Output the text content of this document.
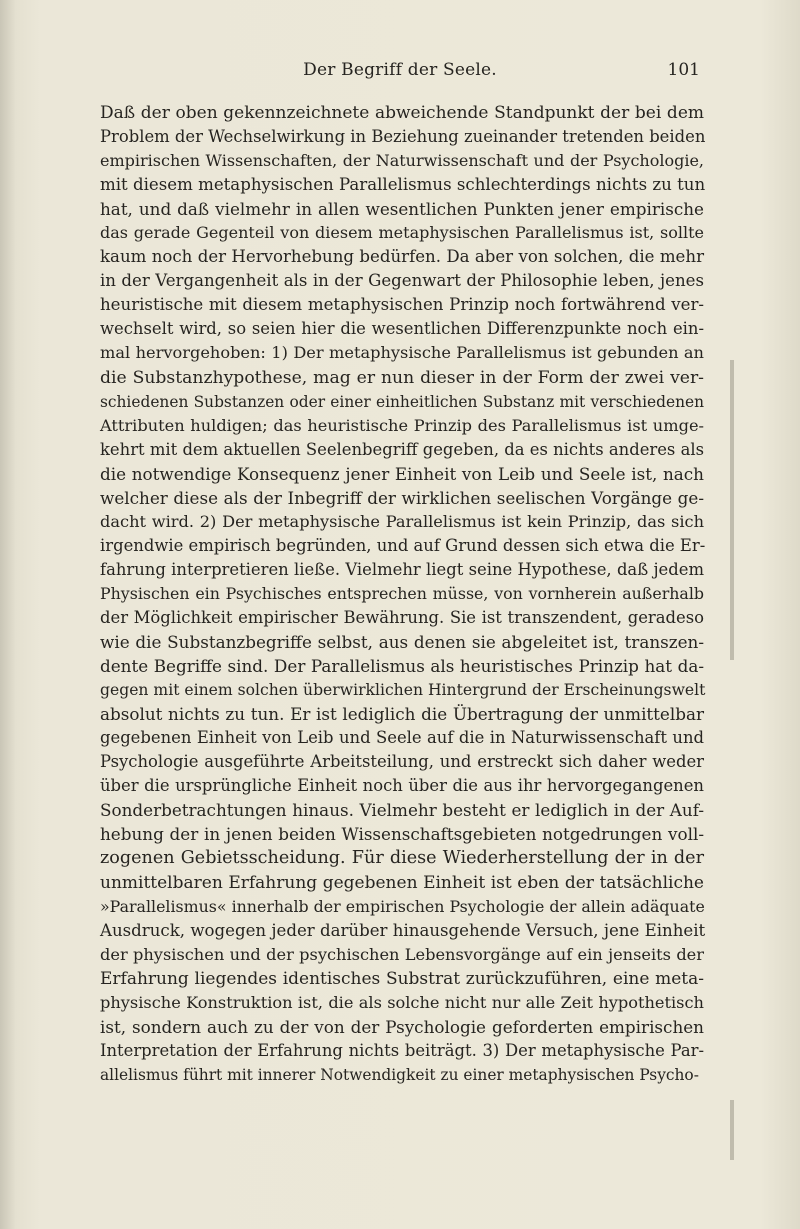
Der Begriff der Seele.	101
Daß der oben gekennzeichnete abweichende Standpunkt der bei dem
Problem der Wechselwirkung in Beziehung zueinander tretenden beiden
empirischen Wissenschaften, der Naturwissenschaft und der Psychologie,
mit diesem metaphysischen Parallelismus schlechterdings nichts zu tun
hat, und daß vielmehr in allen wesentlichen Punkten jener empirische
das gerade Gegenteil von diesem metaphysischen Parallelismus ist, sollte
kaum noch der Hervorhebung bedürfen. Da aber von solchen, die mehr
in der Vergangenheit als in der Gegenwart der Philosophie leben, jenes
heuristische mit diesem metaphysischen Prinzip noch fortwährend ver-
wechselt wird, so seien hier die wesentlichen Differenzpunkte noch ein-
mal hervorgehoben: 1) Der metaphysische Parallelismus ist gebunden an
die Substanzhypothese, mag er nun dieser in der Form der zwei ver-
schiedenen Substanzen oder einer einheitlichen Substanz mit verschiedenen
Attributen huldigen; das heuristische Prinzip des Parallelismus ist umge-
kehrt mit dem aktuellen Seelenbegriff gegeben, da es nichts anderes als
die notwendige Konsequenz jener Einheit von Leib und Seele ist, nach
welcher diese als der Inbegriff der wirklichen seelischen Vorgänge ge-
dacht wird. 2) Der metaphysische Parallelismus ist kein Prinzip, das sich
irgendwie empirisch begründen, und auf Grund dessen sich etwa die Er-
fahrung interpretieren ließe. Vielmehr liegt seine Hypothese, daß jedem
Physischen ein Psychisches entsprechen müsse, von vornherein außerhalb
der Möglichkeit empirischer Bewährung. Sie ist transzendent, geradeso
wie die Substanzbegriffe selbst, aus denen sie abgeleitet ist, transzen-
dente Begriffe sind. Der Parallelismus als heuristisches Prinzip hat da-
gegen mit einem solchen überwirklichen Hintergrund der Erscheinungswelt
absolut nichts zu tun. Er ist lediglich die Übertragung der unmittelbar
gegebenen Einheit von Leib und Seele auf die in Naturwissenschaft und
Psychologie ausgeführte Arbeitsteilung, und erstreckt sich daher weder
über die ursprüngliche Einheit noch über die aus ihr hervorgegangenen
Sonderbetrachtungen hinaus. Vielmehr besteht er lediglich in der Auf-
hebung der in jenen beiden Wissenschaftsgebieten notgedrungen voll-
zogenen Gebietsscheidung. Für diese Wiederherstellung der in der
unmittelbaren Erfahrung gegebenen Einheit ist eben der tatsächliche
»Parallelismus« innerhalb der empirischen Psychologie der allein adäquate
Ausdruck, wogegen jeder darüber hinausgehende Versuch, jene Einheit
der physischen und der psychischen Lebensvorgänge auf ein jenseits der
Erfahrung liegendes identisches Substrat zurückzuführen, eine meta-
physische Konstruktion ist, die als solche nicht nur alle Zeit hypothetisch
ist, sondern auch zu der von der Psychologie geforderten empirischen
Interpretation der Erfahrung nichts beiträgt. 3) Der metaphysische Par-
allelismus führt mit innerer Notwendigkeit zu einer metaphysischen Psycho-
